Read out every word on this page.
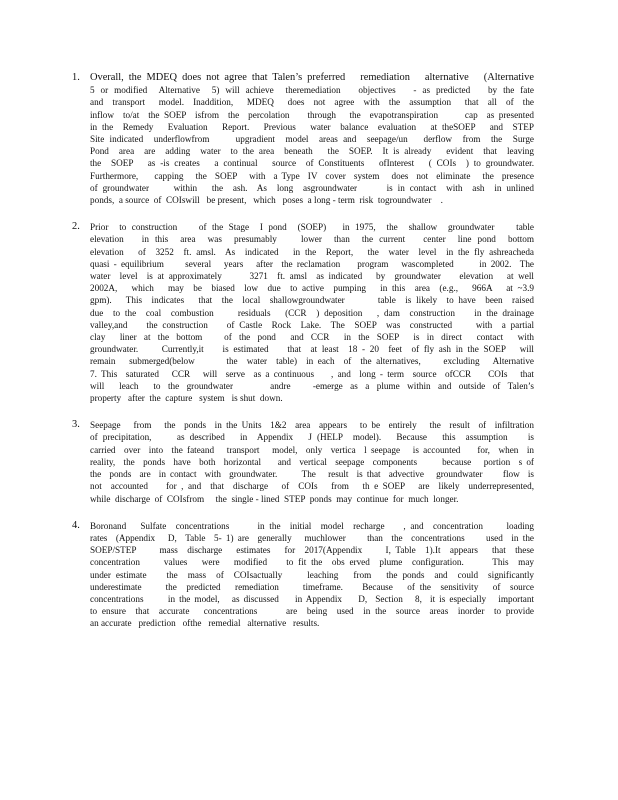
1. Overall, the MDEQ does not agree that Talen’s preferred   remediation   alternative   (Alternative
5 or modified  Alternative  5) will achieve  theremediation   objectives   - as predicted   by the fate
and  transport   model.  Inaddition,   MDEQ   does  not  agree  with  the  assumption   that  all  of  the
inflow  to/at  the SOEP  isfrom  the  percolation    through   the  evapotranspiration      cap  as presented
in the  Remedy   Evaluation   Report.   Previous   water  balance  evaluation   at theSOEP   and  STEP
Site indicated  underflowfrom     upgradient  model  areas and  seepage/un   derflow  from  the  Surge
Pond  area  are  adding  water  to the area  beneath   the  SOEP.  It is already   evident  that  leaving
the  SOEP   as -is creates   a continual   source  of Constituents   ofInterest   ( COIs  ) to groundwater.
Furthermore,    capping   the  SOEP   with  a Type  IV  cover  system   does  not  eliminate   the  presence
of groundwater     within   the  ash.  As  long  asgroundwater      is in contact  with  ash  in unlined
ponds,  a source  of  COIswill   be present,   which   poses  a long - term  risk  togroundwater    .
2. Prior  to construction    of the Stage  I pond  (SOEP)   in 1975,  the  shallow  groundwater    table
elevation   in this  area  was  presumably    lower  than  the current   center  line pond  bottom
elevation   of  3252  ft. amsl.  As  indicated   in the  Report,   the  water  level  in the fly ashreacheda
quasi - equilibrium     several   years   after  the reclamation    program   wascompleted      in 2002.  The
water  level  is at approximately      3271  ft. amsl  as indicated   by  groundwater    elevation   at well
2002A,   which   may  be  biased  low  due  to active  pumping   in this  area  (e.g.,   966A   at ~3.9
gpm).   This  indicates   that  the  local  shallowgroundwater       table  is likely  to have  been  raised
due  to the  coal  combustion     residuals   (CCR  ) deposition   , dam  construction    in the drainage
valley,and    the construction    of Castle  Rock  Lake.  The  SOEP  was  constructed     with  a partial
clay  liner at the bottom   of the pond  and CCR  in the SOEP  is in direct  contact  with
groundwater.     Currently,it    is estimated    that  at least  18 - 20  feet  of fly ash in the SOEP   will
remain   submerged(below       the  water  table)  in each  of  the alternatives,     excluding   Alternative
7. This  saturated   CCR   will  serve  as a continuous    , and  long - term  source  ofCCR    COIs   that
will  leach  to the groundwater     andre   -emerge as a plume within and outside of Talen’s
property   after  the  capture   system   is shut  down.
3. Seepage   from   the  ponds  in the Units  1&2  area  appears   to be  entirely   the  result  of  infiltration
of precipitation,     as described   in  Appendix   J (HELP  model).   Because   this  assumption    is
carried  over  into  the fateand   transport   model,  only  vertica  l seepage   is accounted    for,  when  in
reality,  the  ponds  have  both  horizontal    and  vertical  seepage  components      because   portion  s of
the  ponds  are  in contact  with  groundwater.      The   result  is that  advective   groundwater     flow  is
not  accounted    for , and  that  discharge   of  COIs   from   th e SOEP   are  likely  underrepresented,
while  discharge  of  COIsfrom     the  single - lined  STEP  ponds  may  continue  for  much  longer.
4. Boronand   Sulfate  concentrations      in the  initial  model  recharge    , and  concentration     loading
rates  (Appendix   D,  Table  5- 1) are  generally   muchlower     than  the  concentrations     used  in the
SOEP/STEP     mass  discharge   estimates   for  2017(Appendix     I, Table  1).It  appears   that  these
concentration     values   were   modified    to fit the  obs erved  plume  configuration.      This  may
under estimate    the  mass  of  COIsactually     leaching   from   the ponds  and  could  significantly
underestimate     the  predicted   remediation     timeframe.    Because   of the  sensitivity   of  source
concentrations      in the model,   as discussed    in Appendix    D,  Section   8,  it is especially   important
to ensure  that  accurate   concentrations      are  being  used  in the  source  areas  inorder  to provide
an accurate   prediction   ofthe   remedial   alternative   results.
